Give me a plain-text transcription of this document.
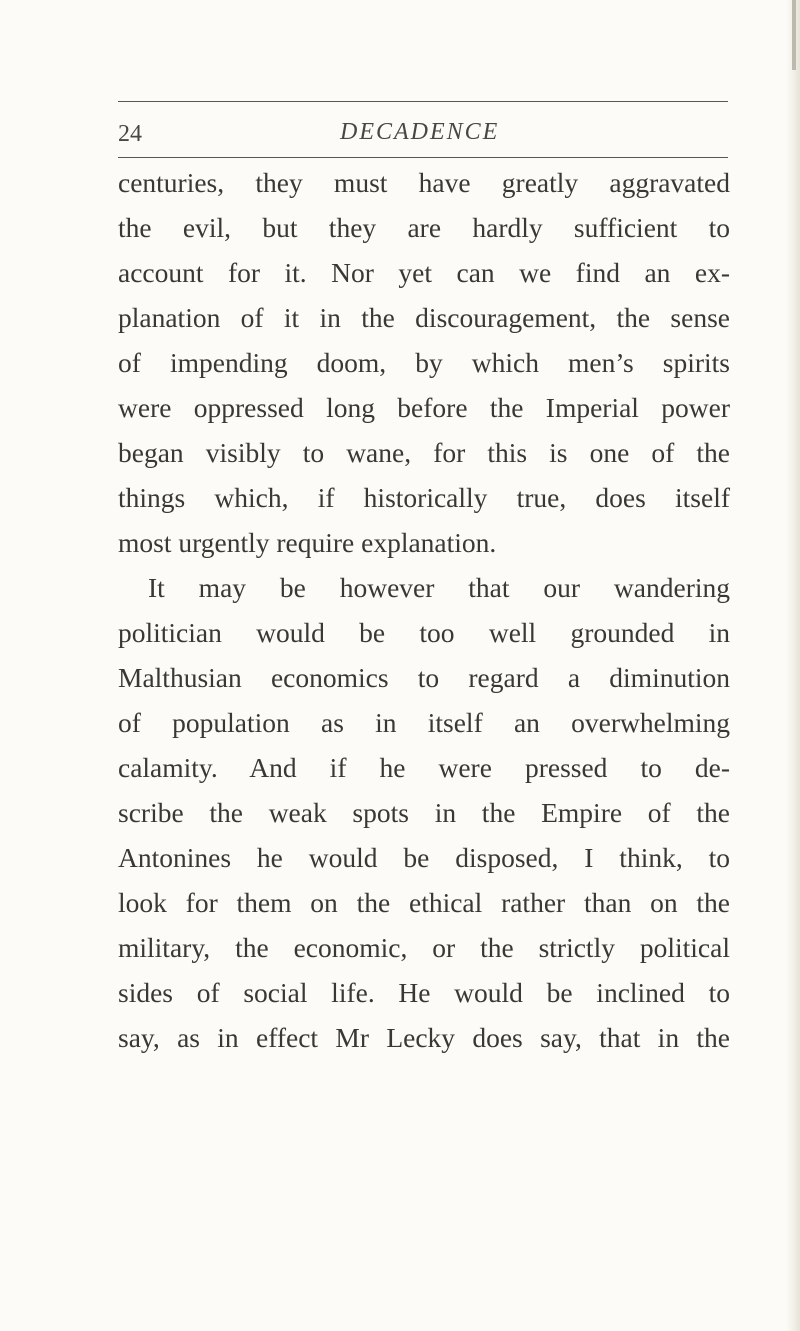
24	DECADENCE
centuries, they must have greatly aggravated
the evil, but they are hardly sufficient to
account for it. Nor yet can we find an ex-
planation of it in the discouragement, the sense
of impending doom, by which men’s spirits
were oppressed long before the Imperial power
began visibly to wane, for this is one of the
things which, if historically true, does itself
most urgently require explanation.
It may be however that our wandering
politician would be too well grounded in
Malthusian economics to regard a diminution
of population as in itself an overwhelming
calamity. And if he were pressed to de-
scribe the weak spots in the Empire of the
Antonines he would be disposed, I think, to
look for them on the ethical rather than on the
military, the economic, or the strictly political
sides of social life. He would be inclined to
say, as in effect Mr Lecky does say, that in the
